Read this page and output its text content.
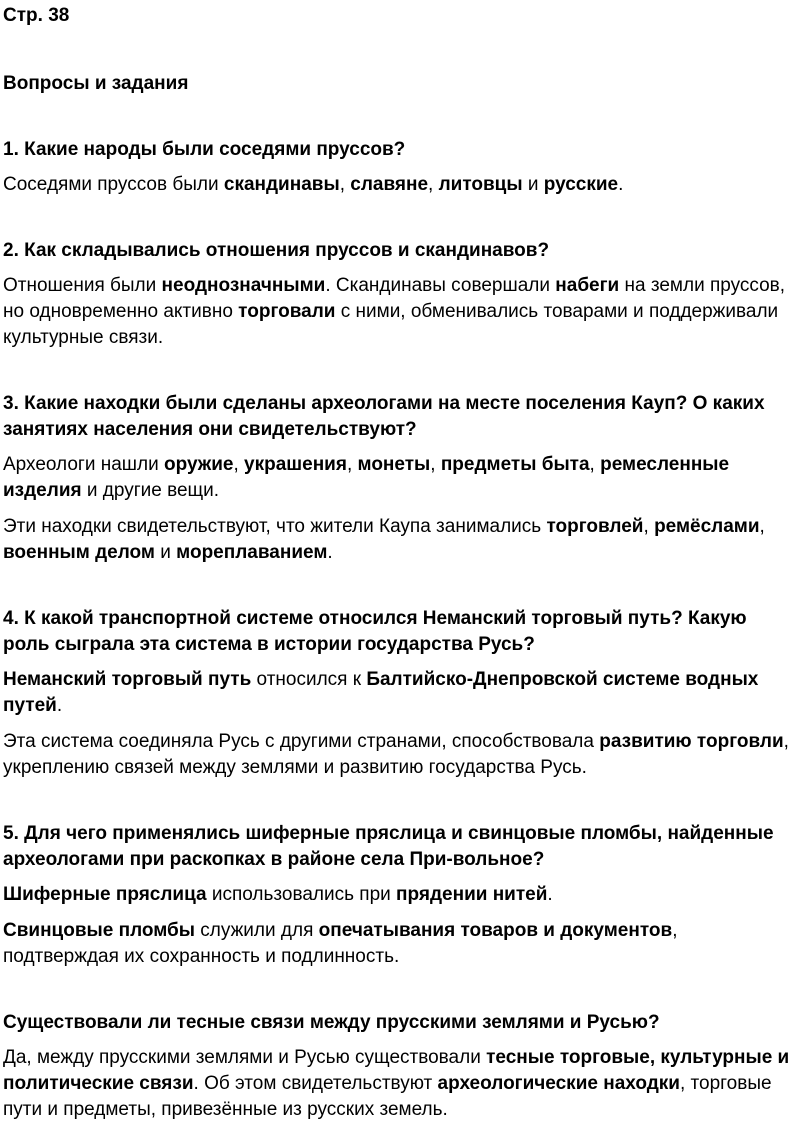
Стр. 38

Вопросы и задания

1. Какие народы были соседями пруссов?

Соседями пруссов были скандинавы, славяне, литовцы и русские.

2. Как складывались отношения пруссов и скандинавов?

Отношения были неоднозначными. Скандинавы совершали набеги на земли пруссов, но одновременно активно торговали с ними, обменивались товарами и поддерживали культурные связи.

3. Какие находки были сделаны археологами на месте поселения Кауп? О каких занятиях населения они свидетельствуют?

Археологи нашли оружие, украшения, монеты, предметы быта, ремесленные изделия и другие вещи.

Эти находки свидетельствуют, что жители Каупа занимались торговлей, ремёслами, военным делом и мореплаванием.

4. К какой транспортной системе относился Неманский торговый путь? Какую роль сыграла эта система в истории государства Русь?

Неманский торговый путь относился к Балтийско-Днепровской системе водных путей.

Эта система соединяла Русь с другими странами, способствовала развитию торговли, укреплению связей между землями и развитию государства Русь.

5. Для чего применялись шиферные пряслица и свинцовые пломбы, найденные археологами при раскопках в районе села При-вольное?

Шиферные пряслица использовались при прядении нитей.

Свинцовые пломбы служили для опечатывания товаров и документов, подтверждая их сохранность и подлинность.

Существовали ли тесные связи между прусскими землями и Русью?

Да, между прусскими землями и Русью существовали тесные торговые, культурные и политические связи. Об этом свидетельствуют археологические находки, торговые пути и предметы, привезённые из русских земель.
